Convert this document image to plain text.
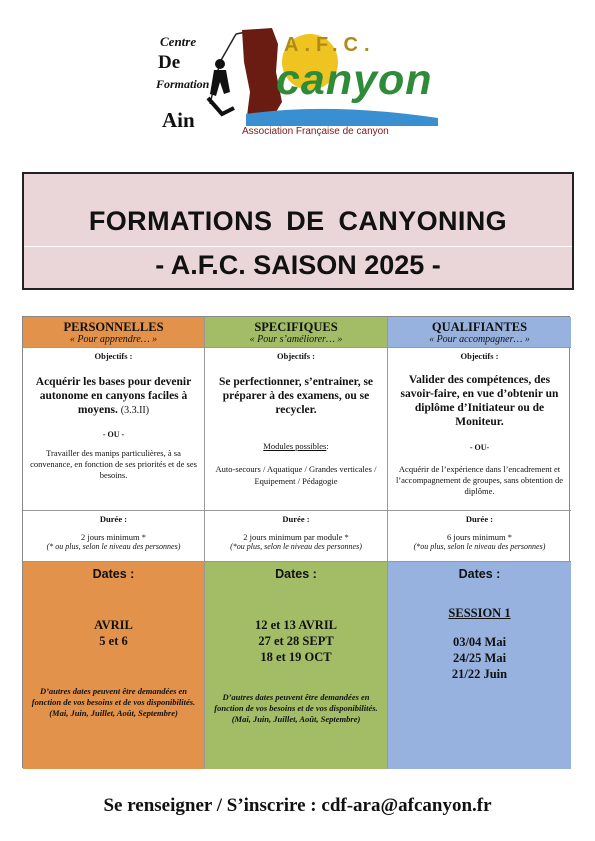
Centre
De
Formation
Ain
A.F.C.
canyon
Association Française de canyon
FORMATIONS DE CANYONING
- A.F.C. SAISON 2025 -
PERSONNELLES
« Pour apprendre… »
SPECIFIQUES
« Pour s’améliorer… »
QUALIFIANTES
« Pour accompagner… »
Objectifs :
Acquérir les bases pour devenir autonome en canyons faciles à moyens. (3.3.II)
- OU -
Travailler des manips particulières, à sa convenance, en fonction de ses priorités et de ses besoins.
Objectifs :
Se perfectionner, s’entrainer, se préparer à des examens, ou se recycler.
Modules possibles:
Auto-secours / Aquatique / Grandes verticales / Equipement / Pédagogie
Objectifs :
Valider des compétences, des savoir-faire, en vue d’obtenir un diplôme d’Initiateur ou de Moniteur.
- OU-
Acquérir de l’expérience dans l’encadrement et l’accompagnement de groupes, sans obtention de diplôme.
Durée :
2 jours minimum *
(* ou plus, selon le niveau des personnes)
Durée :
2 jours minimum par module *
(*ou plus, selon le niveau des personnes)
Durée :
6 jours minimum *
(*ou plus, selon le niveau des personnes)
Dates :
AVRIL
5 et 6
D’autres dates peuvent être demandées en fonction de vos besoins et de vos disponibilités. (Mai, Juin, Juillet, Août, Septembre)
Dates :
12 et 13 AVRIL
27 et 28 SEPT
18 et 19 OCT
D’autres dates peuvent être demandées en fonction de vos besoins et de vos disponibilités. (Mai, Juin, Juillet, Août, Septembre)
Dates :
SESSION 1
03/04 Mai
24/25 Mai
21/22 Juin
Se renseigner / S’inscrire : cdf-ara@afcanyon.fr
